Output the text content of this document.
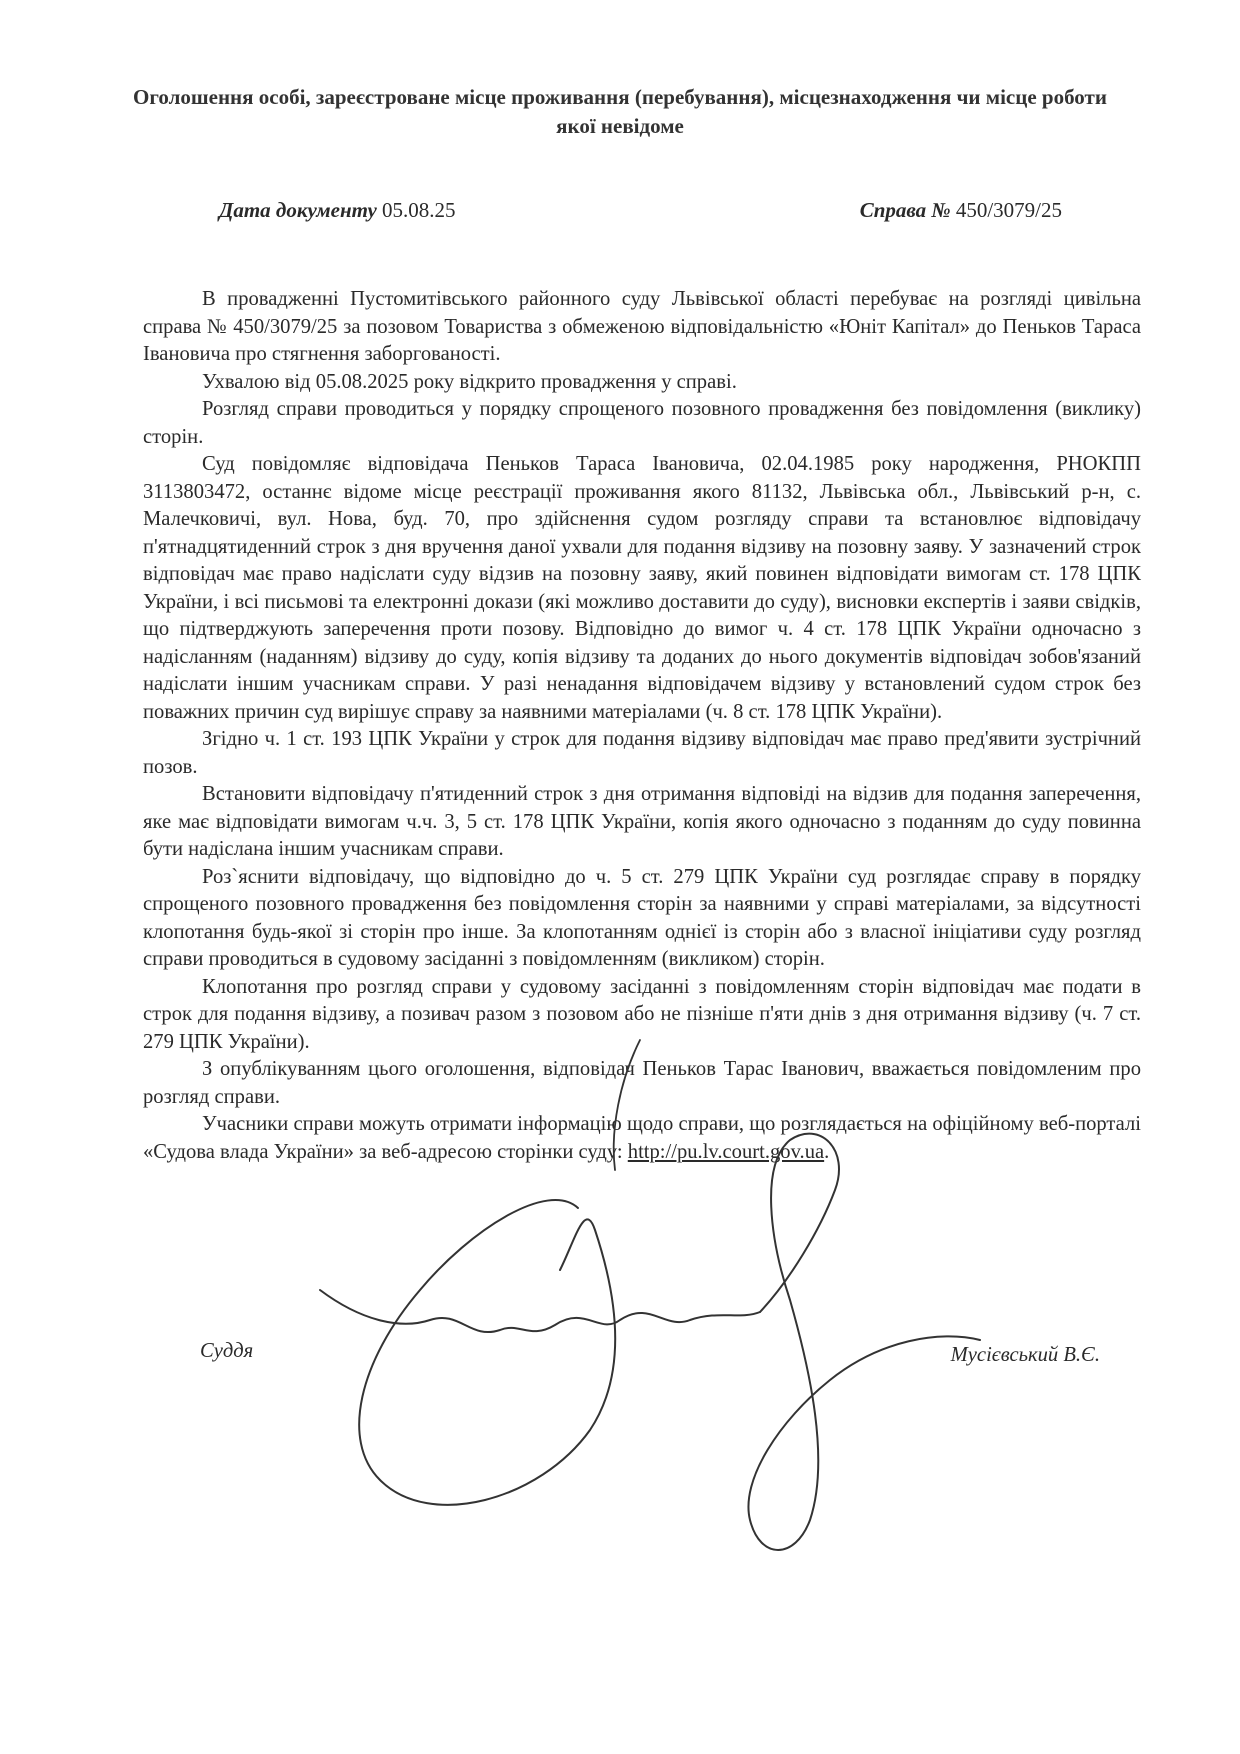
Оголошення особі, зареєстроване місце проживання (перебування), місцезнаходження чи місце роботи якої невідоме
Дата документу 05.08.25	Справа № 450/3079/25

В провадженні Пустомитівського районного суду Львівської області перебуває на розгляді цивільна справа № 450/3079/25 за позовом Товариства з обмеженою відповідальністю «Юніт Капітал» до Пеньков Тараса Івановича про стягнення заборгованості.

Ухвалою від 05.08.2025 року відкрито провадження у справі.

Розгляд справи проводиться у порядку спрощеного позовного провадження без повідомлення (виклику) сторін.

Суд повідомляє відповідача Пеньков Тараса Івановича, 02.04.1985 року народження, РНОКПП 3113803472, останнє відоме місце реєстрації проживання якого 81132, Львівська обл., Львівський р-н, с. Малечковичі, вул. Нова, буд. 70, про здійснення судом розгляду справи та встановлює відповідачу п'ятнадцятиденний строк з дня вручення даної ухвали для подання відзиву на позовну заяву. У зазначений строк відповідач має право надіслати суду відзив на позовну заяву, який повинен відповідати вимогам ст. 178 ЦПК України, і всі письмові та електронні докази (які можливо доставити до суду), висновки експертів і заяви свідків, що підтверджують заперечення проти позову. Відповідно до вимог ч. 4 ст. 178 ЦПК України одночасно з надісланням (наданням) відзиву до суду, копія відзиву та доданих до нього документів відповідач зобов'язаний надіслати іншим учасникам справи. У разі ненадання відповідачем відзиву у встановлений судом строк без поважних причин суд вирішує справу за наявними матеріалами (ч. 8 ст. 178 ЦПК України).

Згідно ч. 1 ст. 193 ЦПК України у строк для подання відзиву відповідач має право пред'явити зустрічний позов.

Встановити відповідачу п'ятиденний строк з дня отримання відповіді на відзив для подання заперечення, яке має відповідати вимогам ч.ч. 3, 5 ст. 178 ЦПК України, копія якого одночасно з поданням до суду повинна бути надіслана іншим учасникам справи.

Роз`яснити відповідачу, що відповідно до ч. 5 ст. 279 ЦПК України суд розглядає справу в порядку спрощеного позовного провадження без повідомлення сторін за наявними у справі матеріалами, за відсутності клопотання будь-якої зі сторін про інше. За клопотанням однієї із сторін або з власної ініціативи суду розгляд справи проводиться в судовому засіданні з повідомленням (викликом) сторін.

Клопотання про розгляд справи у судовому засіданні з повідомленням сторін відповідач має подати в строк для подання відзиву, а позивач разом з позовом або не пізніше п'яти днів з дня отримання відзиву (ч. 7 ст. 279 ЦПК України).

З опублікуванням цього оголошення, відповідач Пеньков Тарас Іванович, вважається повідомленим про розгляд справи.

Учасники справи можуть отримати інформацію щодо справи, що розглядається на офіційному веб-порталі «Судова влада України» за веб-адресою сторінки суду: http://pu.lv.court.gov.ua.

Суддя	Мусієвський В.Є.
